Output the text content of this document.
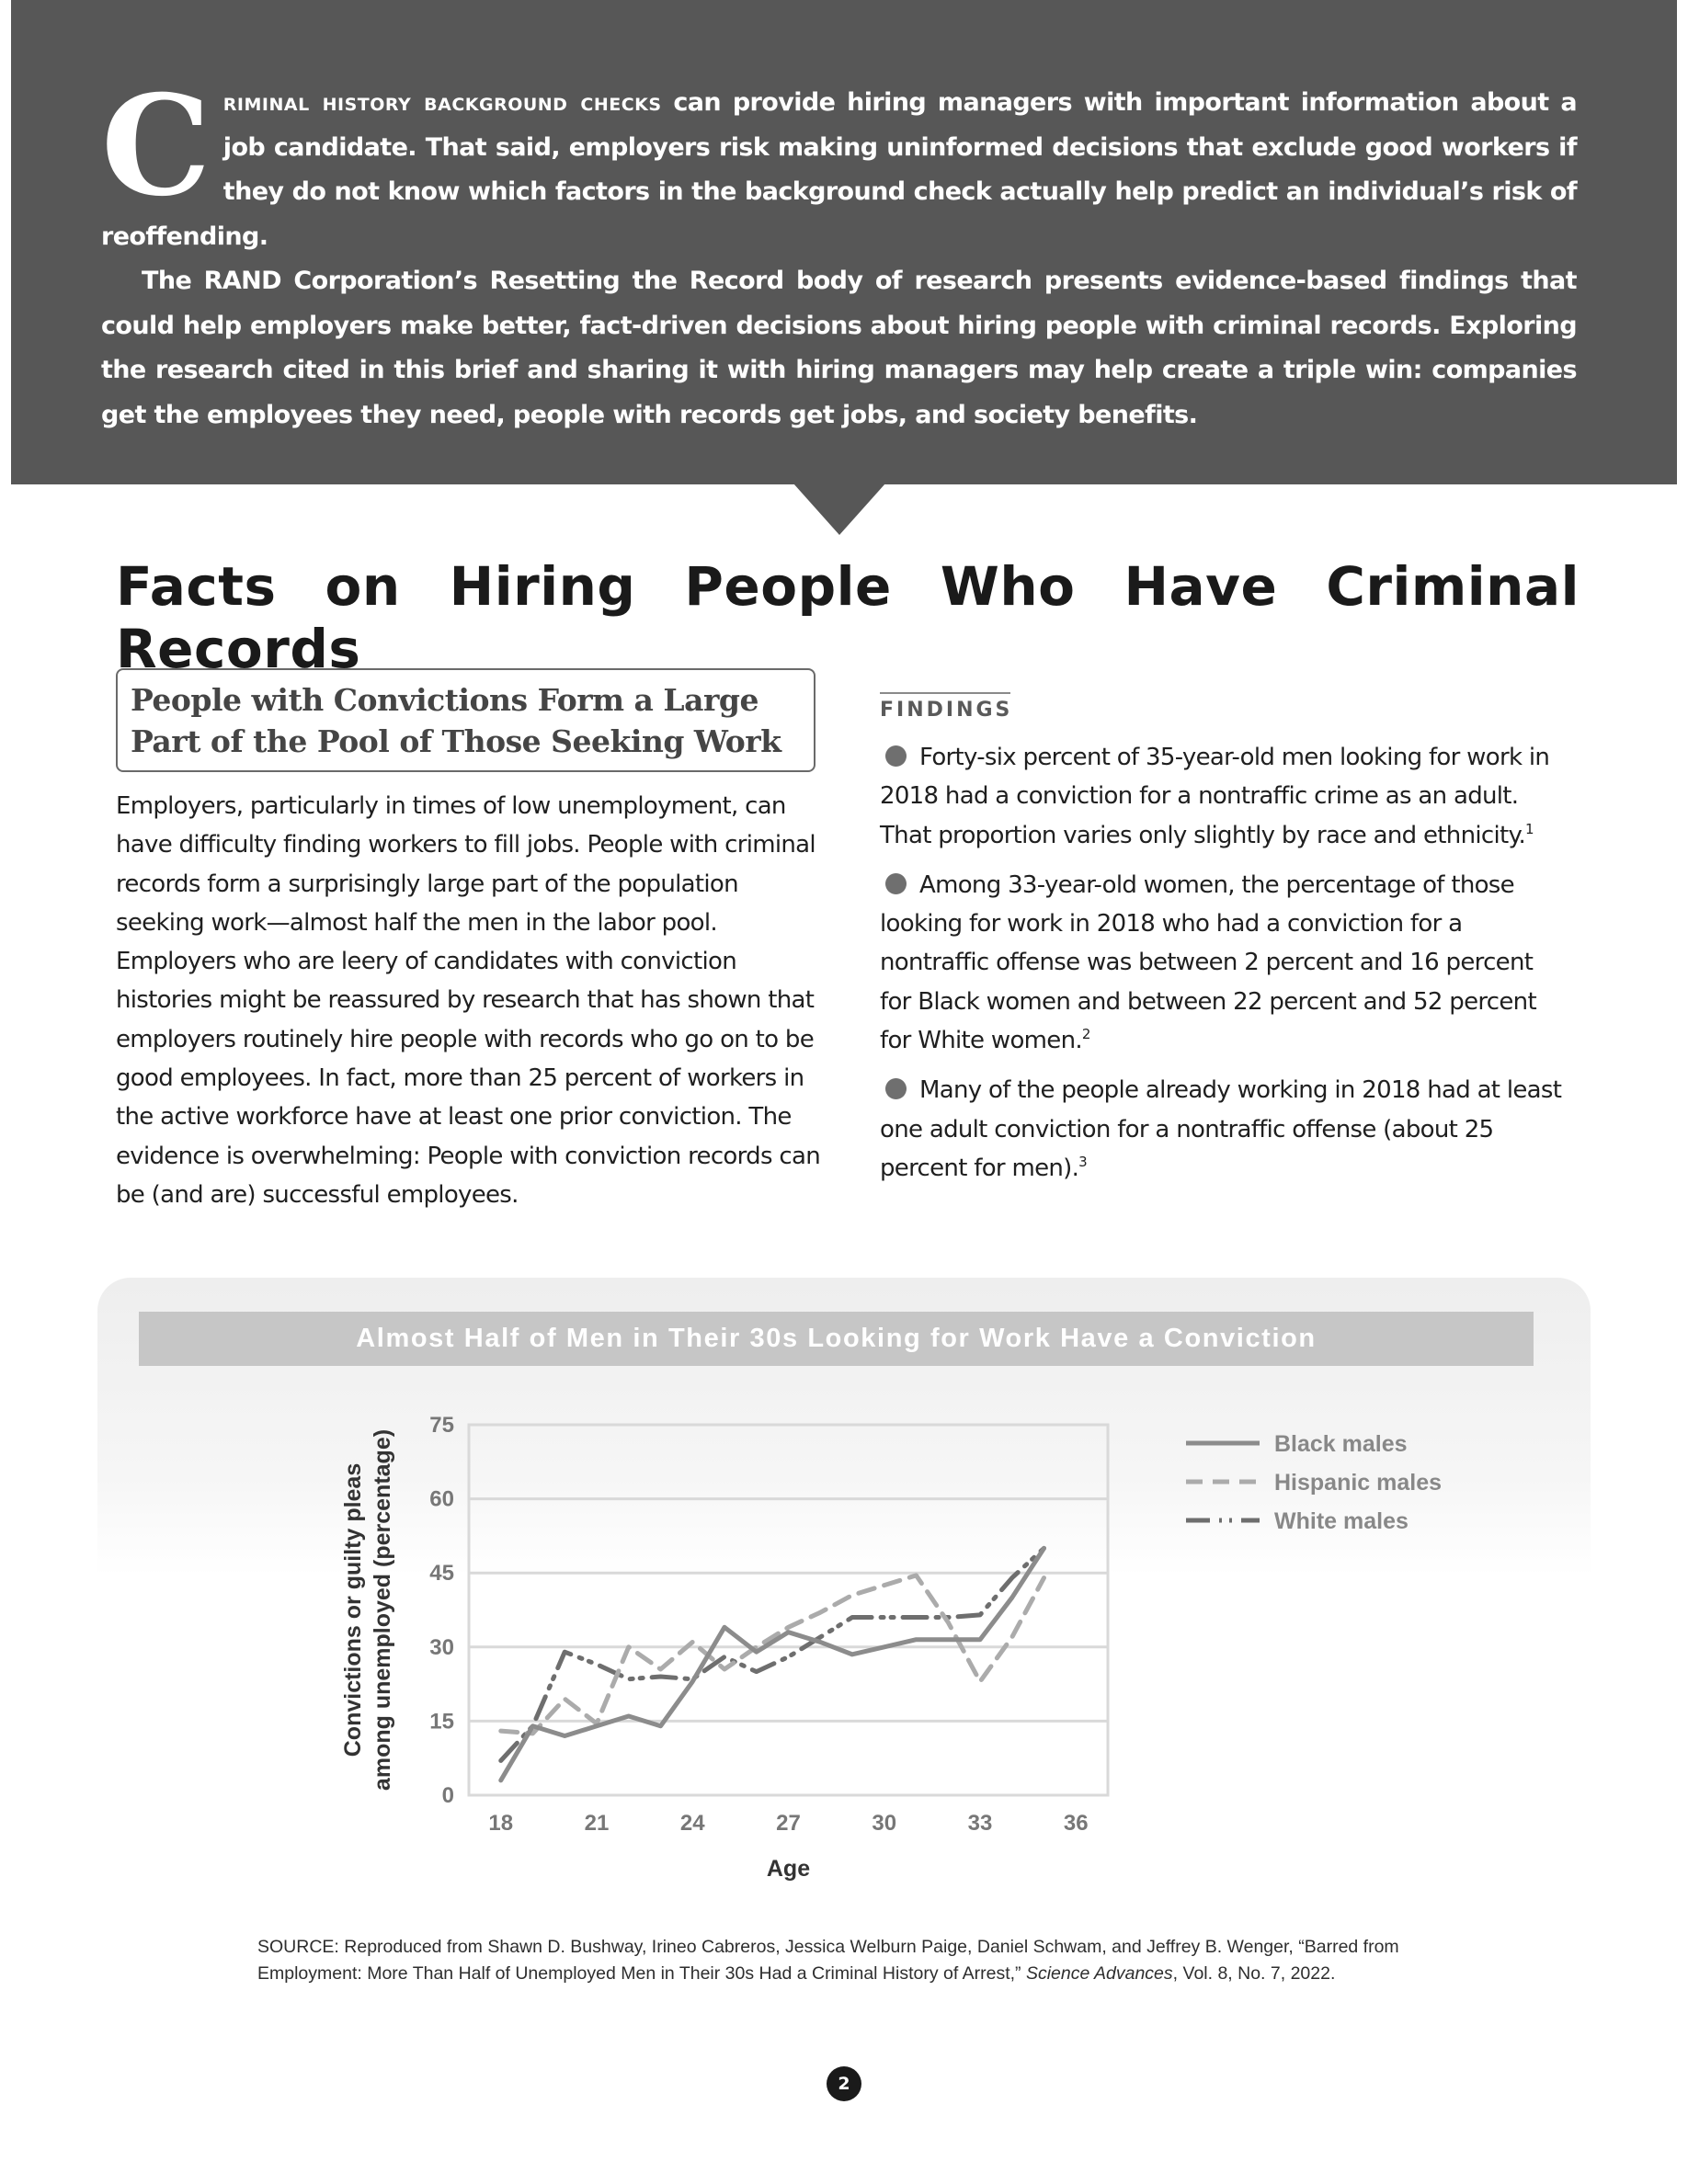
C riminal history background checks can provide hiring managers with important information about a job candidate. That said, employers risk making uninformed decisions that exclude good workers if they do not know which factors in the background check actually help predict an individual’s risk of reoffending.
The RAND Corporation’s Resetting the Record body of research presents evidence-based findings that could help employers make better, fact-driven decisions about hiring people with criminal records. Exploring the research cited in this brief and sharing it with hiring managers may help create a triple win: companies get the employees they need, people with records get jobs, and society benefits.
Facts on Hiring People Who Have Criminal Records
People with Convictions Form a Large Part of the Pool of Those Seeking Work

Employers, particularly in times of low unemployment, can have difficulty finding workers to fill jobs. People with criminal records form a surprisingly large part of the population seeking work—almost half the men in the labor pool. Employers who are leery of candidates with conviction histories might be reassured by research that has shown that employers routinely hire people with records who go on to be good employees. In fact, more than 25 percent of workers in the active workforce have at least one prior conviction. The evidence is overwhelming: People with conviction records can be (and are) successful employees.

FINDINGS
Forty-six percent of 35-year-old men looking for work in 2018 had a conviction for a nontraffic crime as an adult. That proportion varies only slightly by race and ethnicity.$^1$
Among 33-year-old women, the percentage of those looking for work in 2018 who had a conviction for a nontraffic offense was between 2 percent and 16 percent for Black women and between 22 percent and 52 percent for White women.$^2$
Many of the people already working in 2018 had at least one adult conviction for a nontraffic offense (about 25 percent for men).$^3$
Almost Half of Men in Their 30s Looking for Work Have a Conviction
0
15
30
45
60
75
18	21	24	27	30	33	36
Age
Convictions or guilty pleas among unemployed (percentage)	Black males
Hispanic males
White males

SOURCE: Reproduced from Shawn D. Bushway, Irineo Cabreros, Jessica Welburn Paige, Daniel Schwam, and Jeffrey B. Wenger, “Barred from Employment: More Than Half of Unemployed Men in Their 30s Had a Criminal History of Arrest,” Science Advances, Vol. 8, No. 7, 2022.

2
